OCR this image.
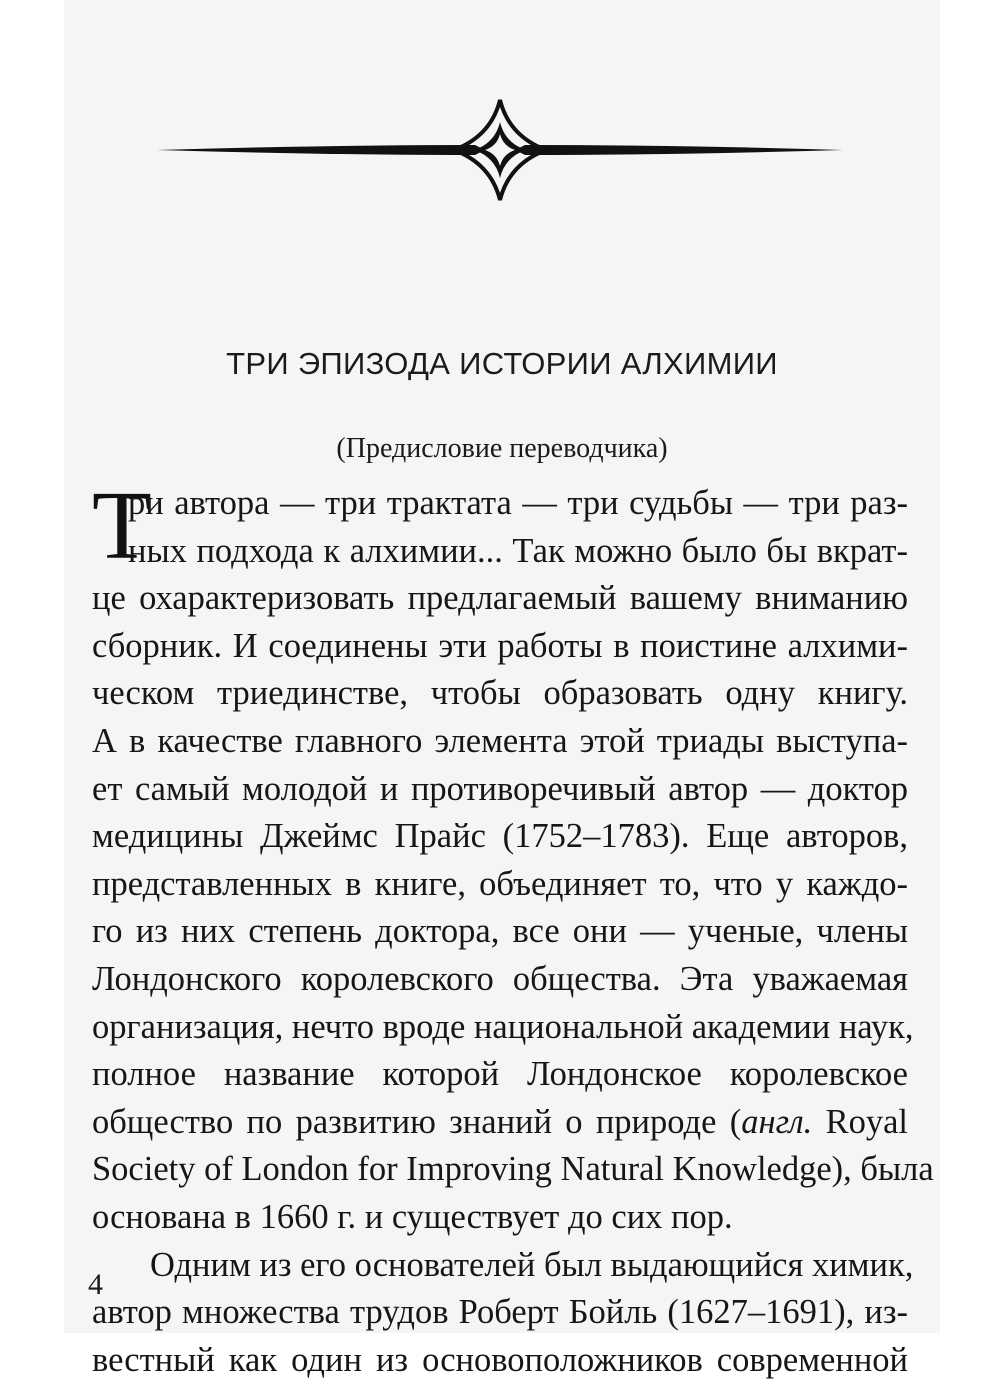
ТРИ ЭПИЗОДА ИСТОРИИ АЛХИМИИ
(Предисловие переводчика)
Т
ри автора — три трактата — три судьбы — три раз-
ных подхода к алхимии... Так можно было бы вкрат-
це охарактеризовать предлагаемый вашему вниманию
сборник. И соединены эти работы в поистине алхими-
ческом триединстве, чтобы образовать одну книгу.
А в качестве главного элемента этой триады выступа-
ет самый молодой и противоречивый автор — доктор
медицины Джеймс Прайс (1752–1783). Еще авторов,
представленных в книге, объединяет то, что у каждо-
го из них степень доктора, все они — ученые, члены
Лондонского королевского общества. Эта уважаемая
организация, нечто вроде национальной академии наук,
полное название которой Лондонское королевское
общество по развитию знаний о природе (англ. Royal
Society of London for Improving Natural Knowledge), была
основана в 1660 г. и существует до сих пор.
Одним из его основателей был выдающийся химик,
автор множества трудов Роберт Бойль (1627–1691), из-
вестный как один из основоположников современной
4
